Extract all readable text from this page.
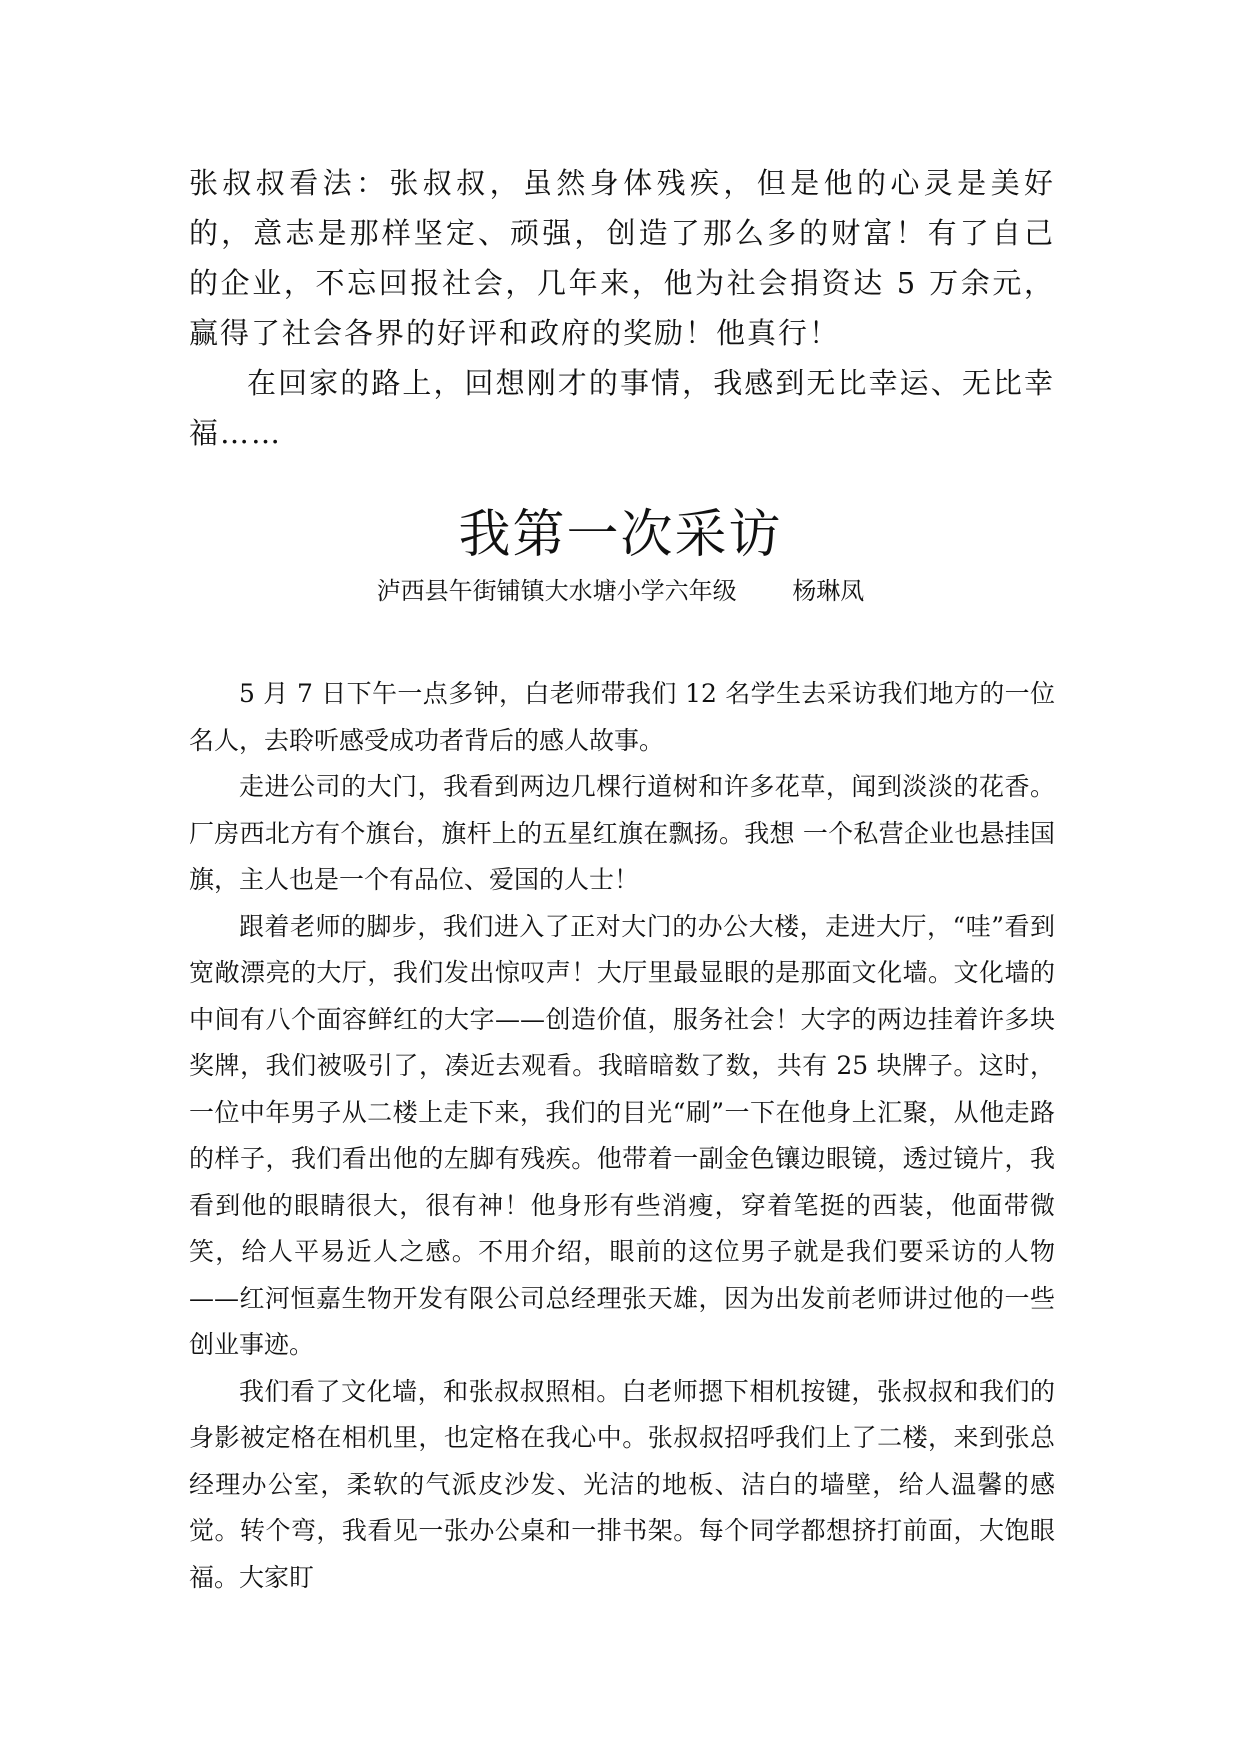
张叔叔看法：张叔叔，虽然身体残疾，但是他的心灵是美好的，意志是那样坚定、顽强，创造了那么多的财富！有了自己的企业，不忘回报社会，几年来，他为社会捐资达 5 万余元，赢得了社会各界的好评和政府的奖励！他真行！

在回家的路上，回想刚才的事情，我感到无比幸运、无比幸福……

我第一次采访
泸西县午街铺镇大水塘小学六年级 杨琳凤

5 月 7 日下午一点多钟，白老师带我们 12 名学生去采访我们地方的一位名人，去聆听感受成功者背后的感人故事。

走进公司的大门，我看到两边几棵行道树和许多花草，闻到淡淡的花香。厂房西北方有个旗台，旗杆上的五星红旗在飘扬。我想 一个私营企业也悬挂国旗，主人也是一个有品位、爱国的人士！

跟着老师的脚步，我们进入了正对大门的办公大楼，走进大厅，“哇”看到宽敞漂亮的大厅，我们发出惊叹声！大厅里最显眼的是那面文化墙。文化墙的中间有八个面容鲜红的大字——创造价值，服务社会！大字的两边挂着许多块奖牌，我们被吸引了，凑近去观看。我暗暗数了数，共有 25 块牌子。这时，一位中年男子从二楼上走下来，我们的目光“刷”一下在他身上汇聚，从他走路的样子，我们看出他的左脚有残疾。他带着一副金色镶边眼镜，透过镜片，我看到他的眼睛很大，很有神！他身形有些消瘦，穿着笔挺的西装，他面带微笑，给人平易近人之感。不用介绍，眼前的这位男子就是我们要采访的人物——红河恒嘉生物开发有限公司总经理张天雄，因为出发前老师讲过他的一些创业事迹。

我们看了文化墙，和张叔叔照相。白老师摁下相机按键，张叔叔和我们的身影被定格在相机里，也定格在我心中。张叔叔招呼我们上了二楼，来到张总经理办公室，柔软的气派皮沙发、光洁的地板、洁白的墙壁，给人温馨的感觉。转个弯，我看见一张办公桌和一排书架。每个同学都想挤打前面，大饱眼福。大家盯
